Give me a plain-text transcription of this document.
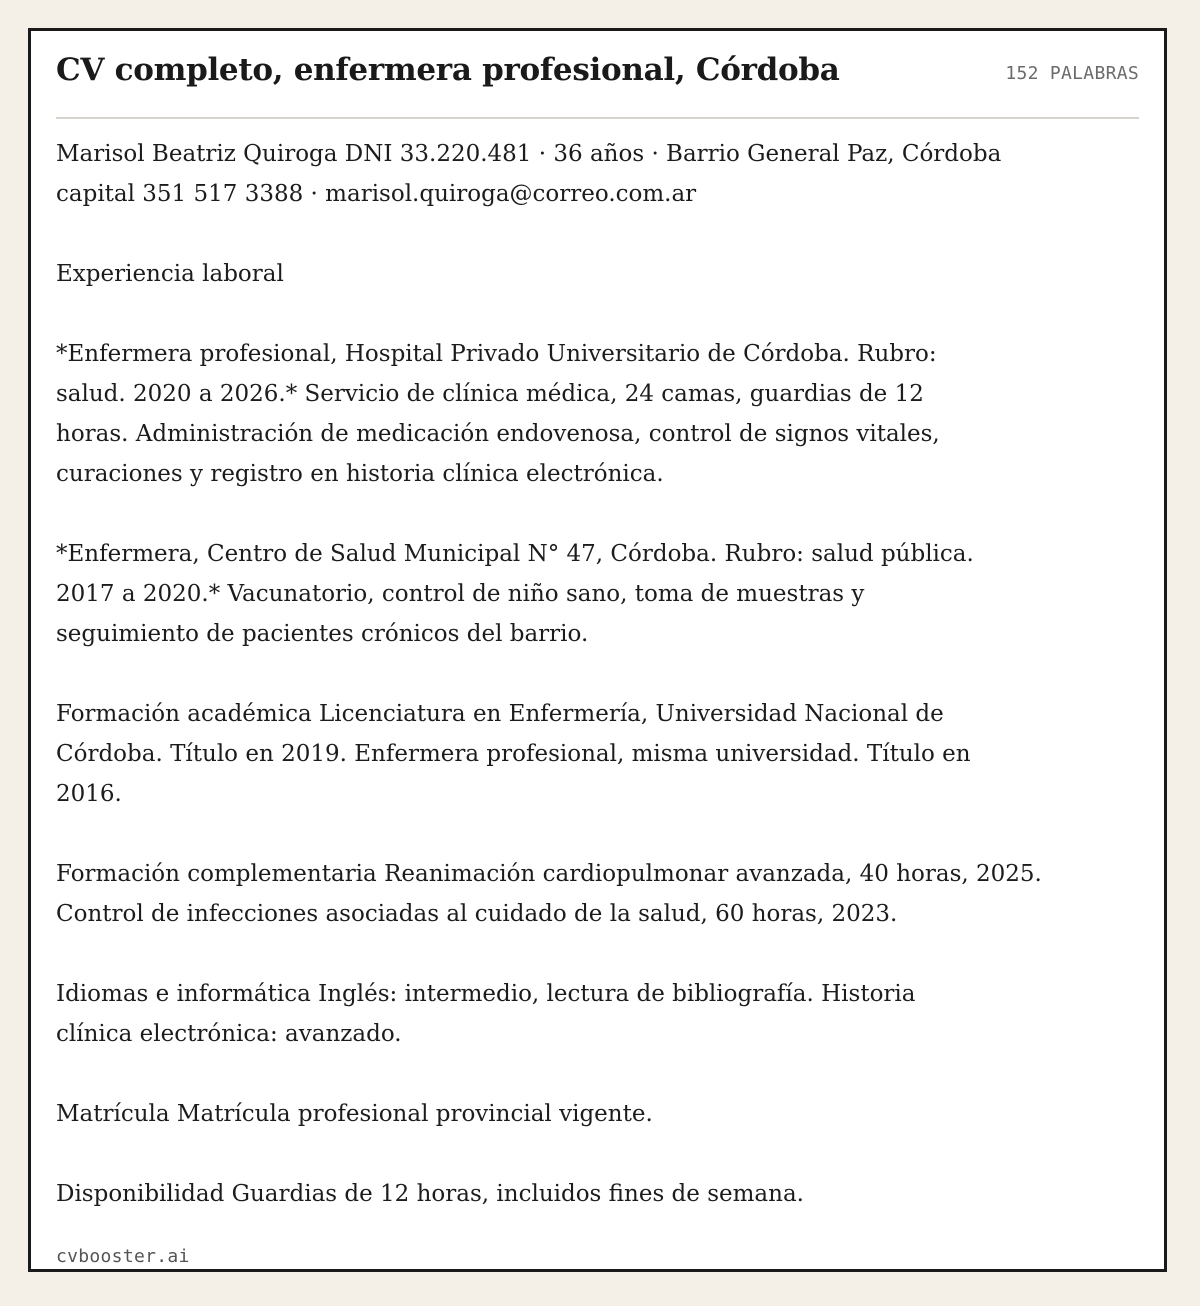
CV completo, enfermera profesional, Córdoba	152 PALABRAS

Marisol Beatriz Quiroga DNI 33.220.481 · 36 años · Barrio General Paz, Córdoba
capital 351 517 3388 · marisol.quiroga@correo.com.ar

Experiencia laboral

*Enfermera profesional, Hospital Privado Universitario de Córdoba. Rubro:
salud. 2020 a 2026.* Servicio de clínica médica, 24 camas, guardias de 12
horas. Administración de medicación endovenosa, control de signos vitales,
curaciones y registro en historia clínica electrónica.

*Enfermera, Centro de Salud Municipal N° 47, Córdoba. Rubro: salud pública.
2017 a 2020.* Vacunatorio, control de niño sano, toma de muestras y
seguimiento de pacientes crónicos del barrio.

Formación académica Licenciatura en Enfermería, Universidad Nacional de
Córdoba. Título en 2019. Enfermera profesional, misma universidad. Título en
2016.

Formación complementaria Reanimación cardiopulmonar avanzada, 40 horas, 2025.
Control de infecciones asociadas al cuidado de la salud, 60 horas, 2023.

Idiomas e informática Inglés: intermedio, lectura de bibliografía. Historia
clínica electrónica: avanzado.

Matrícula Matrícula profesional provincial vigente.

Disponibilidad Guardias de 12 horas, incluidos fines de semana.

cvbooster.ai
